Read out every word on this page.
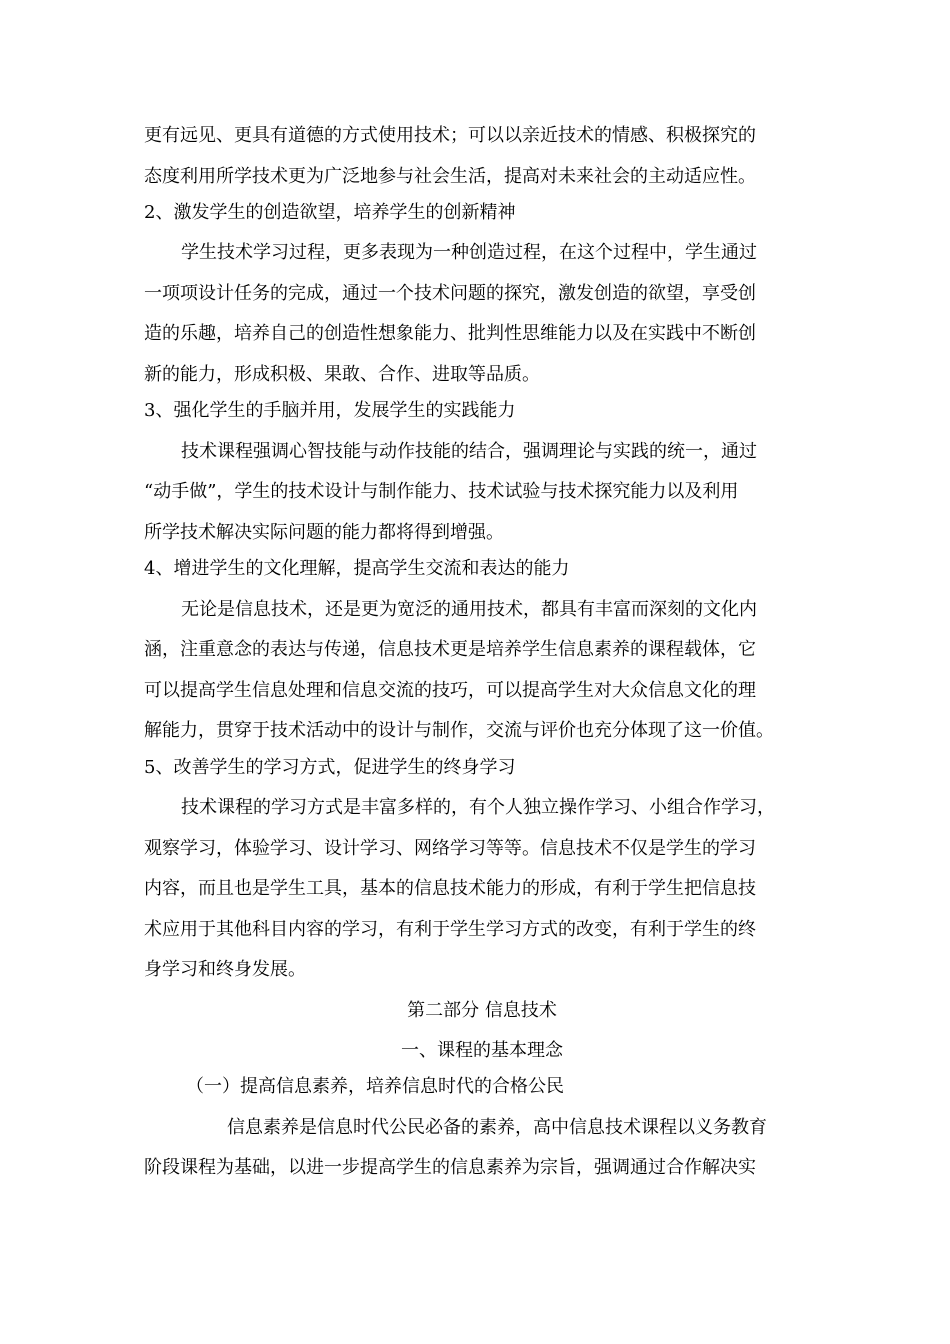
更有远见、更具有道德的方式使用技术；可以以亲近技术的情感、积极探究的
态度利用所学技术更为广泛地参与社会生活，提高对未来社会的主动适应性。
2、激发学生的创造欲望，培养学生的创新精神
学生技术学习过程，更多表现为一种创造过程，在这个过程中，学生通过
一项项设计任务的完成，通过一个技术问题的探究，激发创造的欲望，享受创
造的乐趣，培养自己的创造性想象能力、批判性思维能力以及在实践中不断创
新的能力，形成积极、果敢、合作、进取等品质。
3、强化学生的手脑并用，发展学生的实践能力
技术课程强调心智技能与动作技能的结合，强调理论与实践的统一，通过
“动手做”，学生的技术设计与制作能力、技术试验与技术探究能力以及利用
所学技术解决实际问题的能力都将得到增强。
4、增进学生的文化理解，提高学生交流和表达的能力
无论是信息技术，还是更为宽泛的通用技术，都具有丰富而深刻的文化内
涵，注重意念的表达与传递，信息技术更是培养学生信息素养的课程载体，它
可以提高学生信息处理和信息交流的技巧，可以提高学生对大众信息文化的理
解能力，贯穿于技术活动中的设计与制作，交流与评价也充分体现了这一价值。
5、改善学生的学习方式，促进学生的终身学习
技术课程的学习方式是丰富多样的，有个人独立操作学习、小组合作学习，
观察学习，体验学习、设计学习、网络学习等等。信息技术不仅是学生的学习
内容，而且也是学生工具，基本的信息技术能力的形成，有利于学生把信息技
术应用于其他科目内容的学习，有利于学生学习方式的改变，有利于学生的终
身学习和终身发展。
第二部分 信息技术
一、课程的基本理念
（一）提高信息素养，培养信息时代的合格公民
信息素养是信息时代公民必备的素养，高中信息技术课程以义务教育
阶段课程为基础，以进一步提高学生的信息素养为宗旨，强调通过合作解决实
